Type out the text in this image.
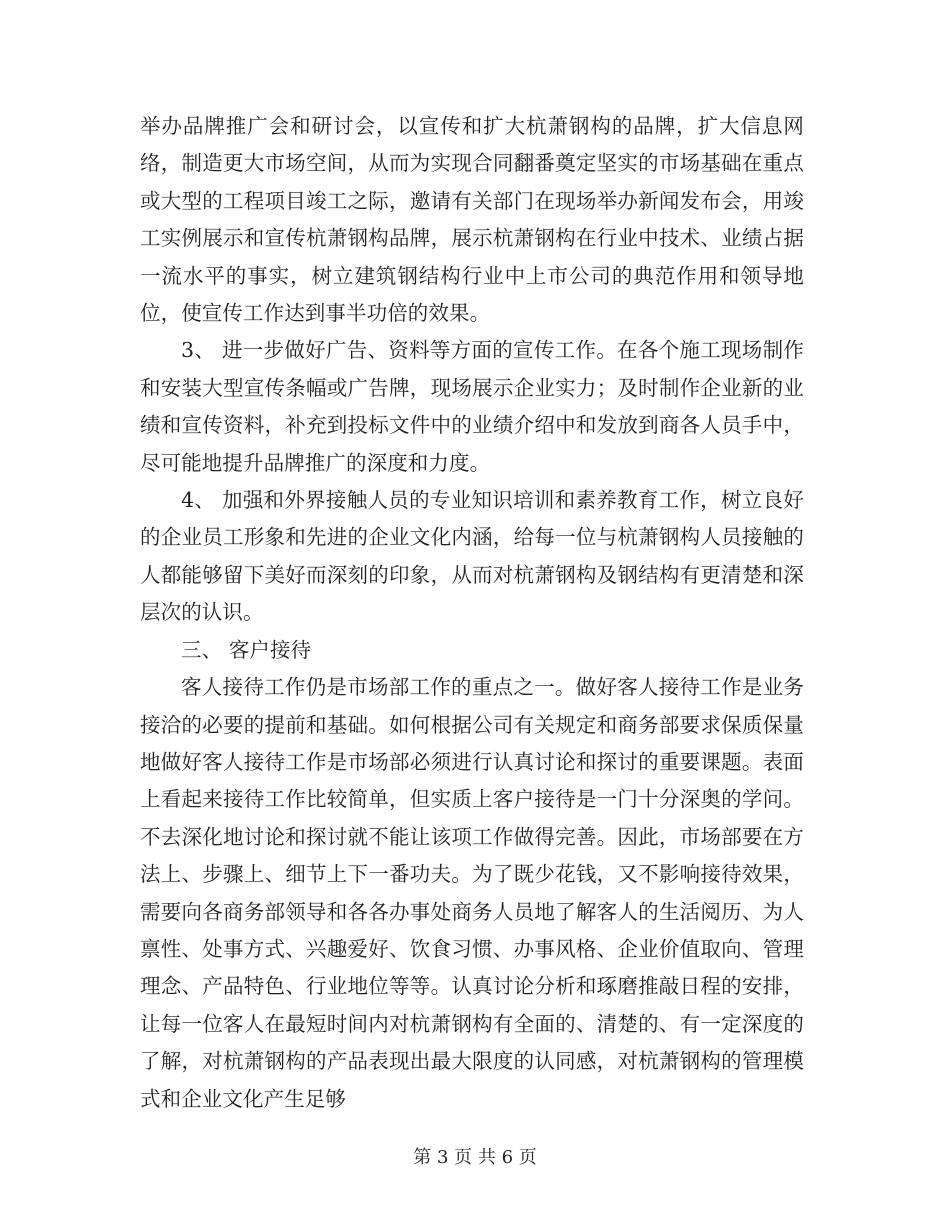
举办品牌推广会和研讨会，以宣传和扩大杭萧钢构的品牌，扩大信息网络，制造更大市场空间，从而为实现合同翻番奠定坚实的市场基础在重点或大型的工程项目竣工之际，邀请有关部门在现场举办新闻发布会，用竣工实例展示和宣传杭萧钢构品牌，展示杭萧钢构在行业中技术、业绩占据一流水平的事实，树立建筑钢结构行业中上市公司的典范作用和领导地位，使宣传工作达到事半功倍的效果。

3、 进一步做好广告、资料等方面的宣传工作。在各个施工现场制作和安装大型宣传条幅或广告牌，现场展示企业实力；及时制作企业新的业绩和宣传资料，补充到投标文件中的业绩介绍中和发放到商各人员手中，尽可能地提升品牌推广的深度和力度。

4、 加强和外界接触人员的专业知识培训和素养教育工作，树立良好的企业员工形象和先进的企业文化内涵，给每一位与杭萧钢构人员接触的人都能够留下美好而深刻的印象，从而对杭萧钢构及钢结构有更清楚和深层次的认识。

三、 客户接待

客人接待工作仍是市场部工作的重点之一。做好客人接待工作是业务接洽的必要的提前和基础。如何根据公司有关规定和商务部要求保质保量地做好客人接待工作是市场部必须进行认真讨论和探讨的重要课题。表面上看起来接待工作比较简单，但实质上客户接待是一门十分深奥的学问。不去深化地讨论和探讨就不能让该项工作做得完善。因此，市场部要在方法上、步骤上、细节上下一番功夫。为了既少花钱，又不影响接待效果，需要向各商务部领导和各各办事处商务人员地了解客人的生活阅历、为人禀性、处事方式、兴趣爱好、饮食习惯、办事风格、企业价值取向、管理理念、产品特色、行业地位等等。认真讨论分析和琢磨推敲日程的安排，让每一位客人在最短时间内对杭萧钢构有全面的、清楚的、有一定深度的了解，对杭萧钢构的产品表现出最大限度的认同感，对杭萧钢构的管理模式和企业文化产生足够

第 3 页 共 6 页
